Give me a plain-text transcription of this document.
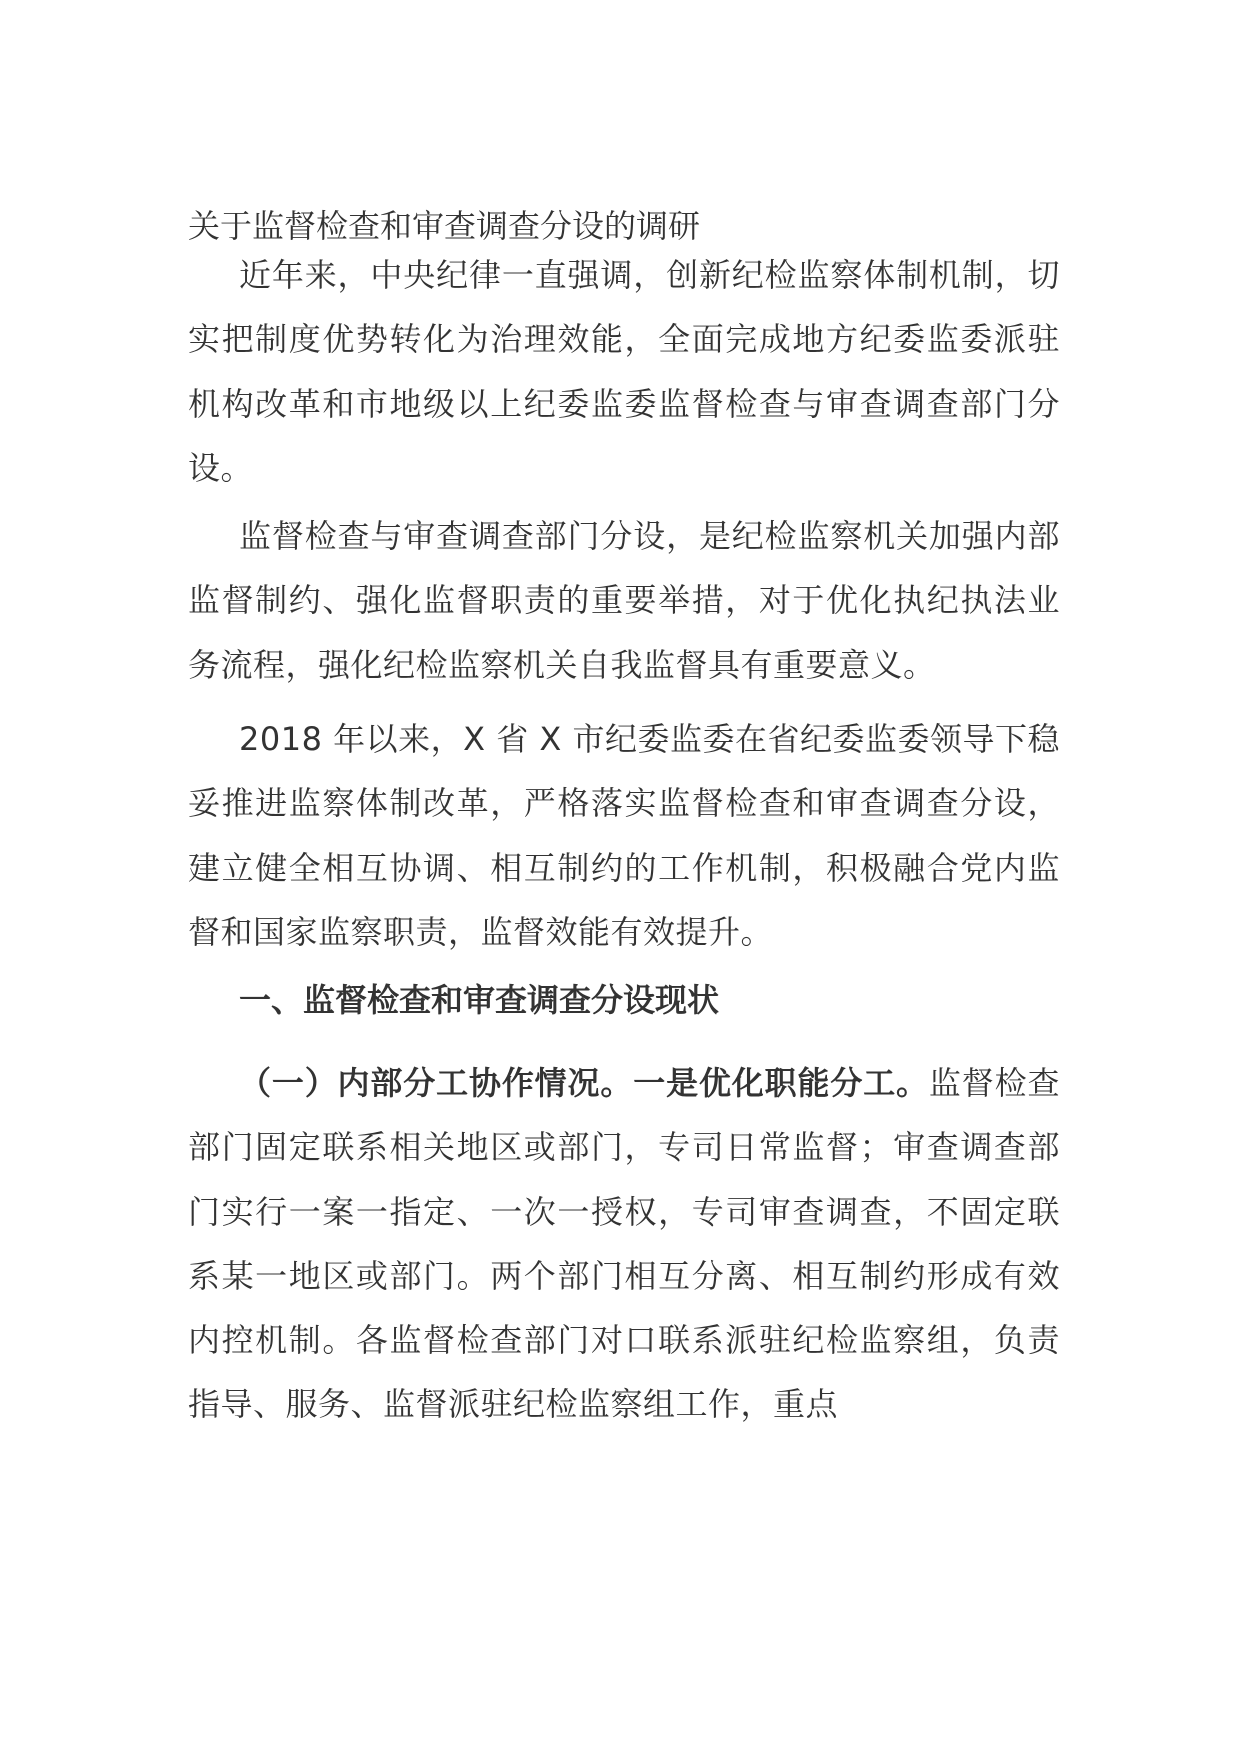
关于监督检查和审查调查分设的调研

近年来，中央纪律一直强调，创新纪检监察体制机制，切实把制度优势转化为治理效能，全面完成地方纪委监委派驻机构改革和市地级以上纪委监委监督检查与审查调查部门分设。

监督检查与审查调查部门分设，是纪检监察机关加强内部监督制约、强化监督职责的重要举措，对于优化执纪执法业务流程，强化纪检监察机关自我监督具有重要意义。

2018 年以来，X 省 X 市纪委监委在省纪委监委领导下稳妥推进监察体制改革，严格落实监督检查和审查调查分设，建立健全相互协调、相互制约的工作机制，积极融合党内监督和国家监察职责，监督效能有效提升。

一、监督检查和审查调查分设现状

（一）内部分工协作情况。一是优化职能分工。监督检查部门固定联系相关地区或部门，专司日常监督；审查调查部门实行一案一指定、一次一授权，专司审查调查，不固定联系某一地区或部门。两个部门相互分离、相互制约形成有效内控机制。各监督检查部门对口联系派驻纪检监察组，负责指导、服务、监督派驻纪检监察组工作，重点
